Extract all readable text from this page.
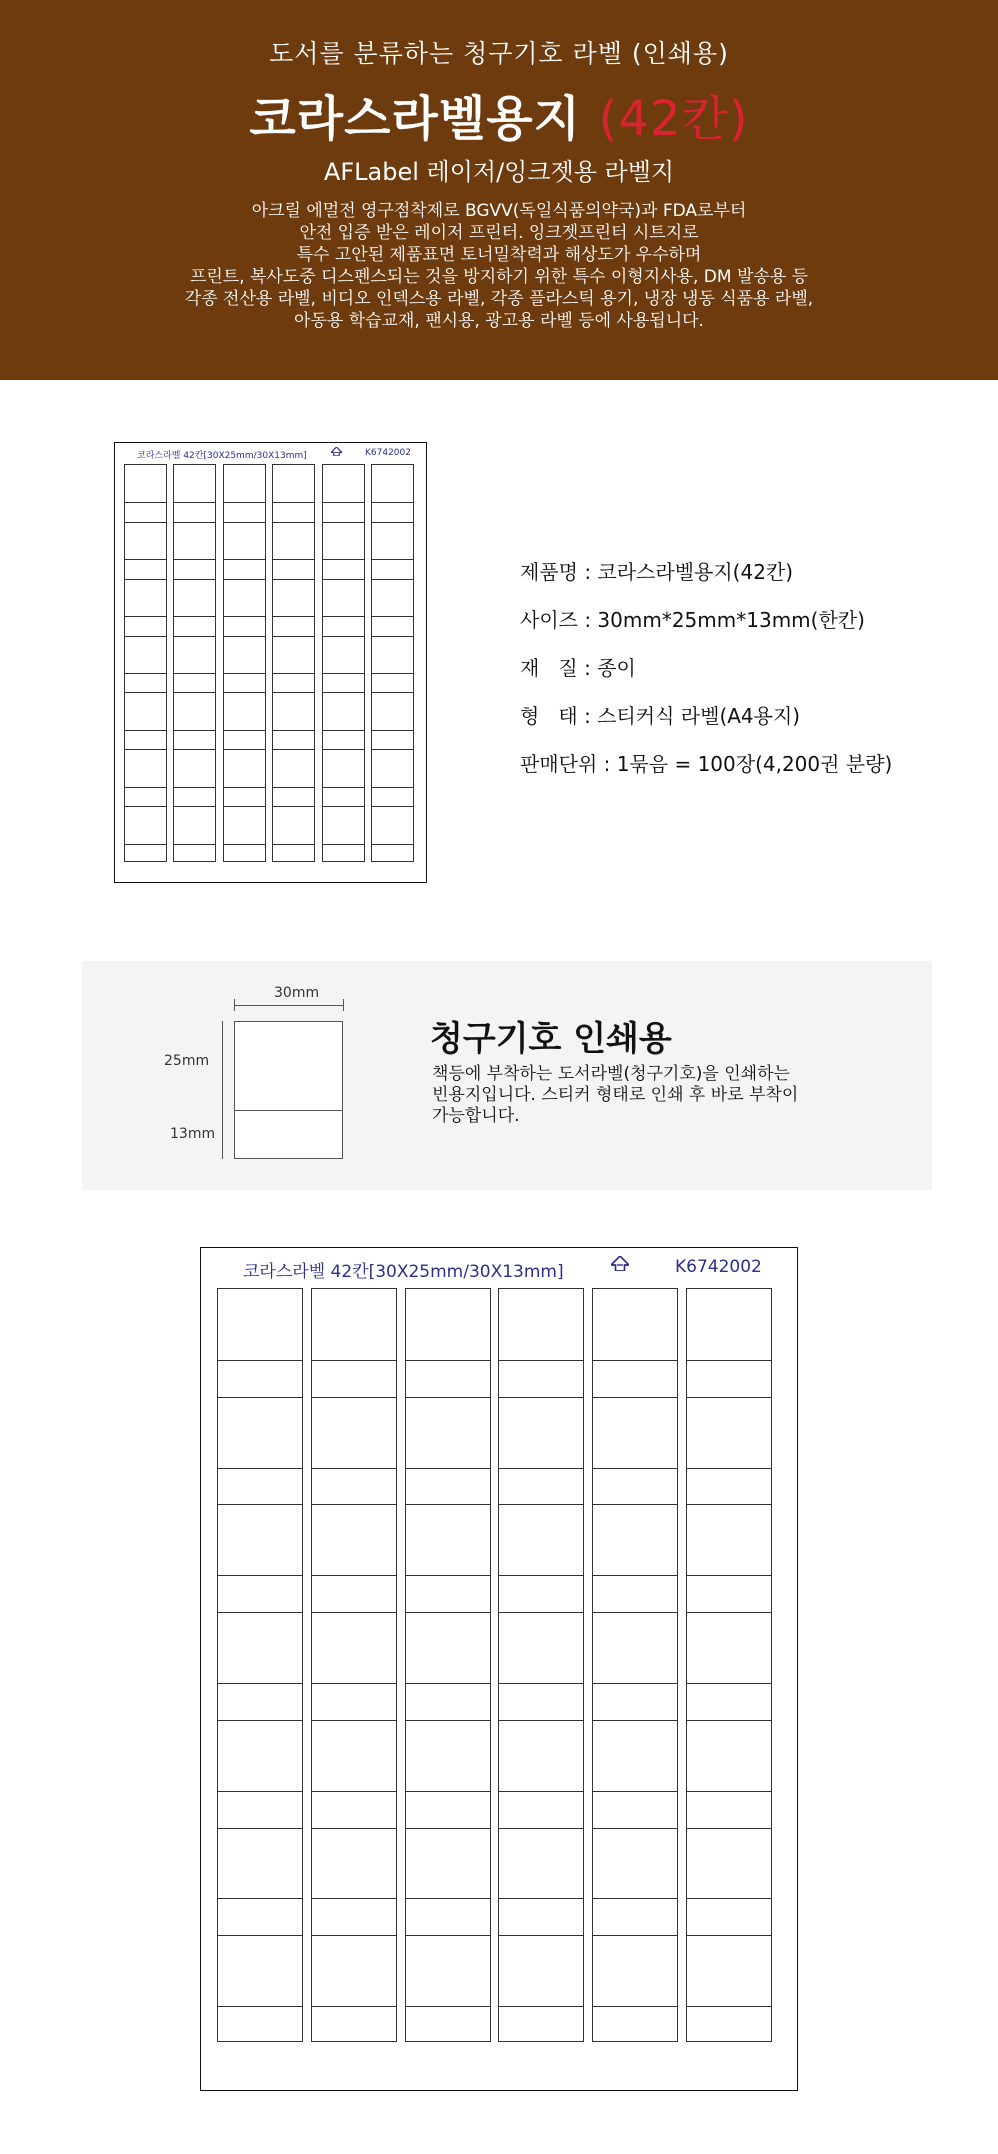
도서를 분류하는 청구기호 라벨 (인쇄용)
코라스라벨용지 (42칸)
AFLabel 레이저/잉크젯용 라벨지
아크릴 에멀전 영구점착제로 BGVV(독일식품의약국)과 FDA로부터
안전 입증 받은 레이저 프린터. 잉크젯프린터 시트지로
특수 고안된 제품표면 토너밀착력과 해상도가 우수하며
프린트, 복사도중 디스펜스되는 것을 방지하기 위한 특수 이형지사용, DM 발송용 등
각종 전산용 라벨, 비디오 인덱스용 라벨, 각종 플라스틱 용기, 냉장 냉동 식품용 라벨,
아동용 학습교재, 팬시용, 광고용 라벨 등에 사용됩니다.
코라스라벨 42칸[30X25mm/30X13mm]	K6742002
제품명 : 코라스라벨용지(42칸)
사이즈 : 30mm*25mm*13mm(한칸)
재   질 : 종이
형   태 : 스티커식 라벨(A4용지)
판매단위 : 1묶음 = 100장(4,200권 분량)
30mm
25mm
13mm
청구기호 인쇄용
책등에 부착하는 도서라벨(청구기호)을 인쇄하는
빈용지입니다. 스티커 형태로 인쇄 후 바로 부착이
가능합니다.
코라스라벨 42칸[30X25mm/30X13mm]	K6742002
